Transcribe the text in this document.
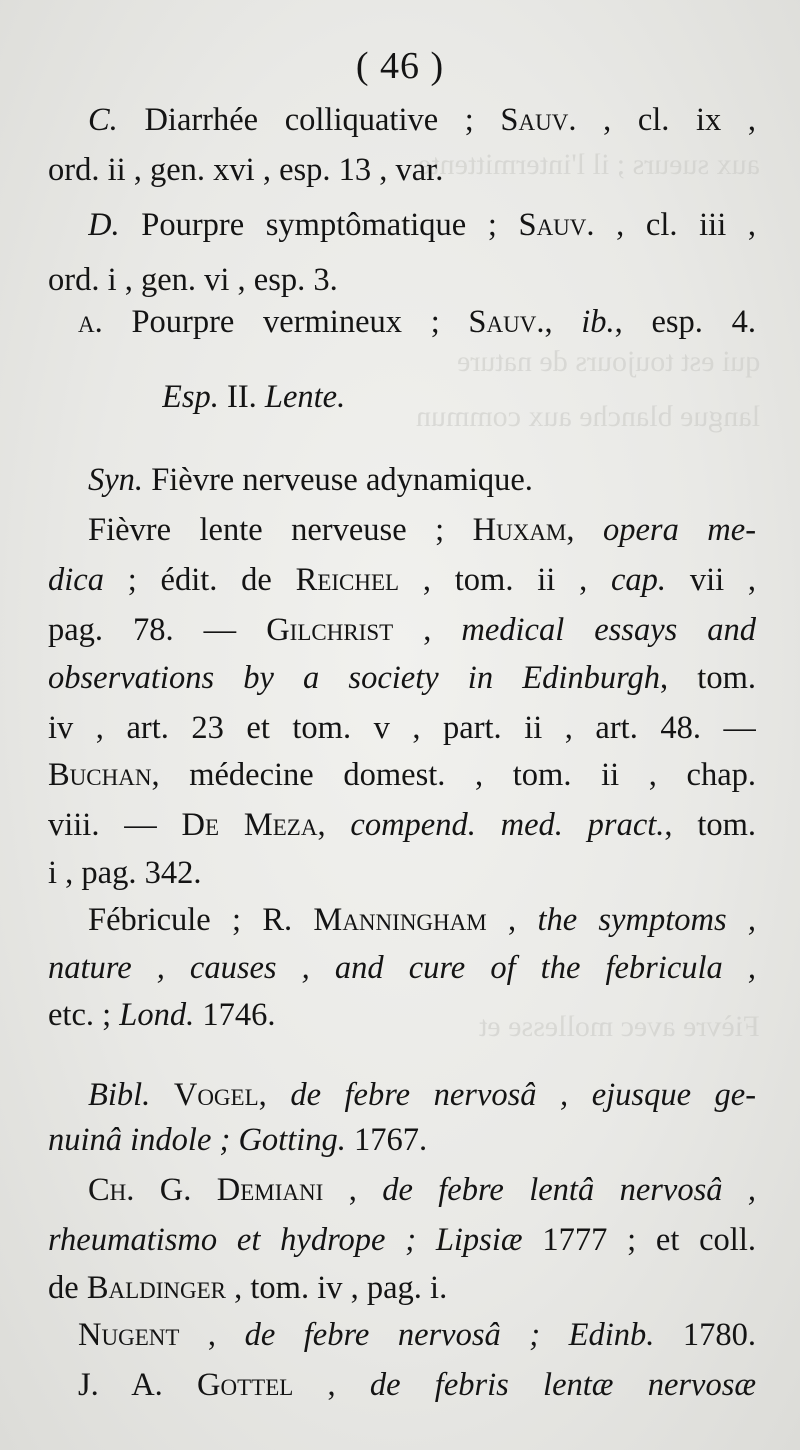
aux sueurs ; il l'intermittente
qui est toujours de nature
langue blanche aux commun
Fièvre avec mollesse et
( 46 )
C. Diarrhée colliquative ; Sauv. , cl. ix ,
ord. ii , gen. xvi , esp. 13 , var.
D. Pourpre symptômatique ; Sauv. , cl. iii ,
ord. i , gen. vi , esp. 3.
a. Pourpre vermineux ; Sauv., ib., esp. 4.
Esp. II. Lente.
Syn. Fièvre nerveuse adynamique.
Fièvre lente nerveuse ; Huxam, opera me-
dica ; édit. de Reichel , tom. ii , cap. vii ,
pag. 78. — Gilchrist , medical essays and
observations by a society in Edinburgh, tom.
iv , art. 23 et tom. v , part. ii , art. 48. —
Buchan, médecine domest. , tom. ii , chap.
viii. — De Meza, compend. med. pract., tom.
i , pag. 342.
Fébricule ; R. Manningham , the symptoms ,
nature , causes , and cure of the febricula ,
etc. ; Lond. 1746.
Bibl. Vogel, de febre nervosâ , ejusque ge-
nuinâ indole ; Gotting. 1767.
Ch. G. Demiani , de febre lentâ nervosâ ,
rheumatismo et hydrope ; Lipsiæ 1777 ; et coll.
de Baldinger , tom. iv , pag. i.
Nugent , de febre nervosâ ; Edinb. 1780.
J. A. Gottel , de febris lentæ nervosæ
